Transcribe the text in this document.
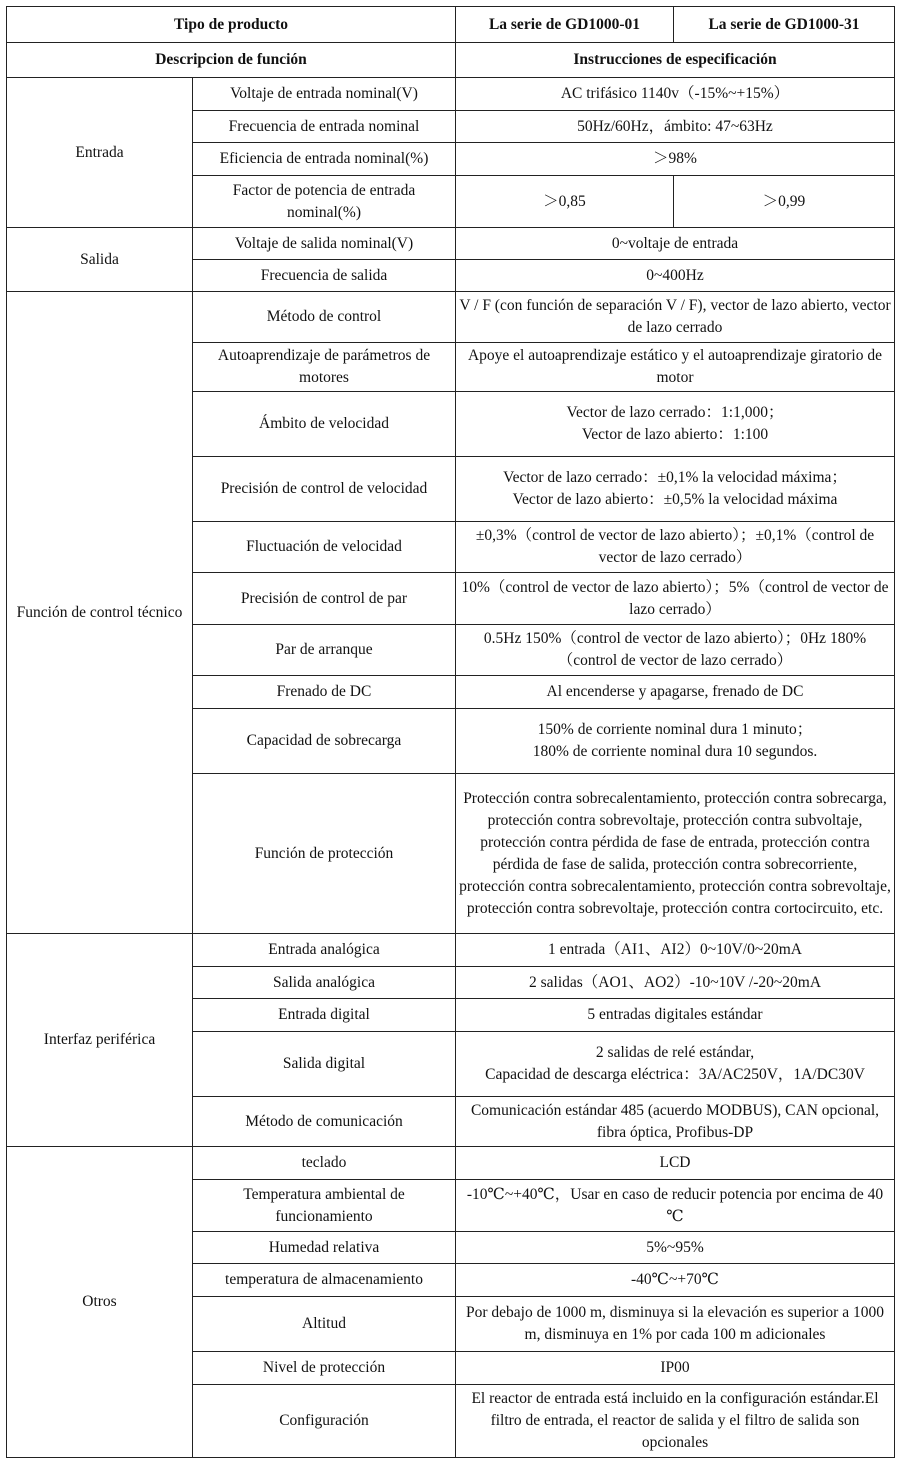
Tipo de producto		La serie de GD1000-01	La serie de GD1000-31
Descripcion de función		Instrucciones de especificación	
Entrada	Voltaje de entrada nominal(V)	AC trifásico 1140v（-15%~+15%）	
	Frecuencia de entrada nominal	50Hz/60Hz，ámbito: 47~63Hz	
	Eficiencia de entrada nominal(%)	＞98%	
	Factor de potencia de entrada nominal(%)	＞0,85	＞0,99
Salida	Voltaje de salida nominal(V)	0~voltaje de entrada	
	Frecuencia de salida	0~400Hz	
Función de control técnico	Método de control	V / F (con función de separación V / F), vector de lazo abierto, vector de lazo cerrado	
	Autoaprendizaje de parámetros de motores	Apoye el autoaprendizaje estático y el autoaprendizaje giratorio de motor	
	Ámbito de velocidad	Vector de lazo cerrado：1:1,000；
Vector de lazo abierto：1:100	

	Precisión de control de velocidad	Vector de lazo cerrado：±0,1% la velocidad máxima；
Vector de lazo abierto：±0,5% la velocidad máxima	

	Fluctuación de velocidad	±0,3%（control de vector de lazo abierto）；±0,1%（control de vector de lazo cerrado）	
	Precisión de control de par	10%（control de vector de lazo abierto）；5%（control de vector de lazo cerrado）	
	Par de arranque	0.5Hz 150%（control de vector de lazo abierto）；0Hz 180%（control de vector de lazo cerrado）	
	Frenado de DC	Al encenderse y apagarse, frenado de DC	
	Capacidad de sobrecarga	150% de corriente nominal dura 1 minuto；
180% de corriente nominal dura 10 segundos.	

	Función de protección	Protección contra sobrecalentamiento, protección contra sobrecarga, protección contra sobrevoltaje, protección contra subvoltaje, protección contra pérdida de fase de entrada, protección contra pérdida de fase de salida, protección contra sobrecorriente, protección contra sobrecalentamiento, protección contra sobrevoltaje, protección contra sobrevoltaje, protección contra cortocircuito, etc.	
Interfaz periférica	Entrada analógica	1 entrada（AI1、AI2）0~10V/0~20mA	
	Salida analógica	2 salidas（AO1、AO2）-10~10V /-20~20mA	
	Entrada digital	5 entradas digitales estándar	
	Salida digital	2 salidas de relé estándar,
Capacidad de descarga eléctrica：3A/AC250V，1A/DC30V	

	Método de comunicación	Comunicación estándar 485 (acuerdo MODBUS), CAN opcional, fibra óptica, Profibus-DP	
Otros	teclado	LCD	
	Temperatura ambiental de funcionamiento	-10℃~+40℃，Usar en caso de reducir potencia por encima de 40 ℃	
	Humedad relativa	5%~95%	
	temperatura de almacenamiento	-40℃~+70℃	
	Altitud	Por debajo de 1000 m, disminuya si la elevación es superior a 1000 m, disminuya en 1% por cada 100 m adicionales	
	Nivel de protección	IP00	
	Configuración	El reactor de entrada está incluido en la configuración estándar.El filtro de entrada, el reactor de salida y el filtro de salida son opcionales	
